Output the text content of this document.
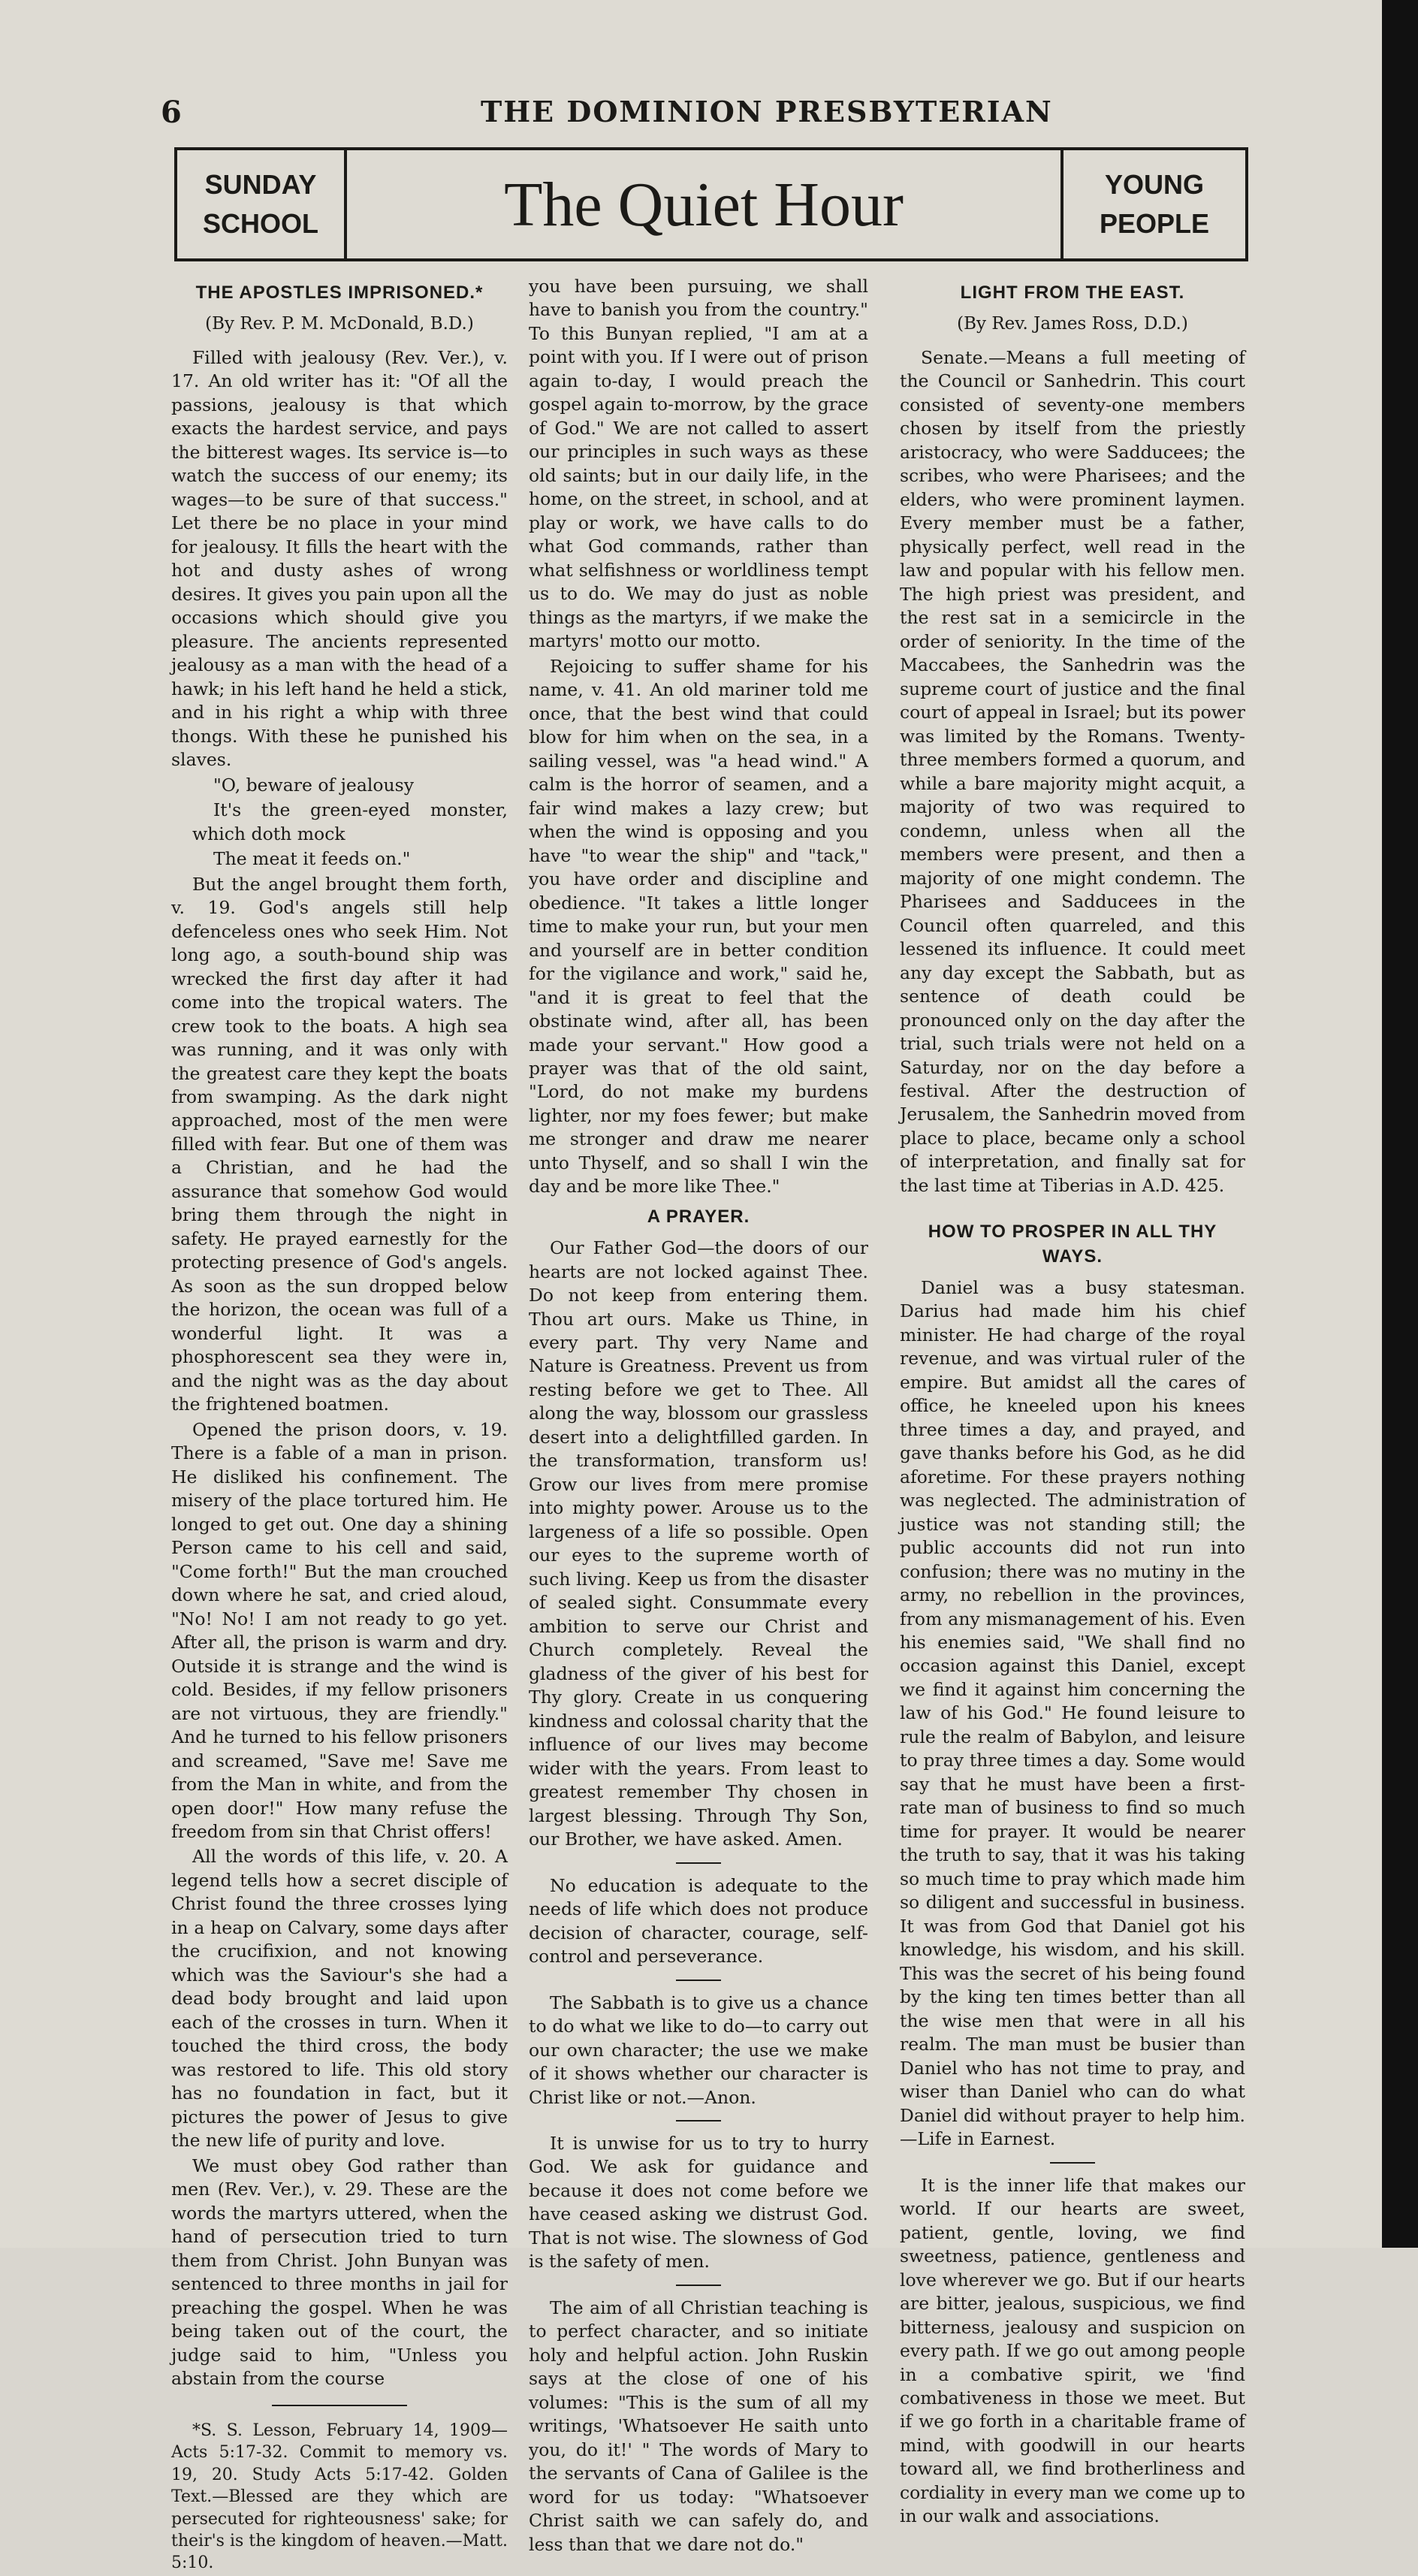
6	THE DOMINION PRESBYTERIAN
SUNDAY
SCHOOL	The Quiet Hour	YOUNG
PEOPLE
THE APOSTLES IMPRISONED.*
(By Rev. P. M. McDonald, B.D.)

Filled with jealousy (Rev. Ver.), v. 17. An old writer has it: "Of all the passions, jealousy is that which exacts the hardest service, and pays the bitterest wages. Its service is—to watch the success of our enemy; its wages—to be sure of that success." Let there be no place in your mind for jealousy. It fills the heart with the hot and dusty ashes of wrong desires. It gives you pain upon all the occasions which should give you pleasure. The ancients represented jealousy as a man with the head of a hawk; in his left hand he held a stick, and in his right a whip with three thongs. With these he punished his slaves.

"O, beware of jealousy

It's the green-eyed monster, which doth mock

The meat it feeds on."

But the angel brought them forth, v. 19. God's angels still help defenceless ones who seek Him. Not long ago, a south-bound ship was wrecked the first day after it had come into the tropical waters. The crew took to the boats. A high sea was running, and it was only with the greatest care they kept the boats from swamping. As the dark night approached, most of the men were filled with fear. But one of them was a Christian, and he had the assurance that somehow God would bring them through the night in safety. He prayed earnestly for the protecting presence of God's angels. As soon as the sun dropped below the horizon, the ocean was full of a wonderful light. It was a phosphorescent sea they were in, and the night was as the day about the frightened boatmen.

Opened the prison doors, v. 19. There is a fable of a man in prison. He disliked his confinement. The misery of the place tortured him. He longed to get out. One day a shining Person came to his cell and said, "Come forth!" But the man crouched down where he sat, and cried aloud, "No! No! I am not ready to go yet. After all, the prison is warm and dry. Outside it is strange and the wind is cold. Besides, if my fellow prisoners are not virtuous, they are friendly." And he turned to his fellow prisoners and screamed, "Save me! Save me from the Man in white, and from the open door!" How many refuse the freedom from sin that Christ offers!

All the words of this life, v. 20. A legend tells how a secret disciple of Christ found the three crosses lying in a heap on Calvary, some days after the crucifixion, and not knowing which was the Saviour's she had a dead body brought and laid upon each of the crosses in turn. When it touched the third cross, the body was restored to life. This old story has no foundation in fact, but it pictures the power of Jesus to give the new life of purity and love.

We must obey God rather than men (Rev. Ver.), v. 29. These are the words the martyrs uttered, when the hand of persecution tried to turn them from Christ. John Bunyan was sentenced to three months in jail for preaching the gospel. When he was being taken out of the court, the judge said to him, "Unless you abstain from the course

*S. S. Lesson, February 14, 1909—Acts 5:17-32. Commit to memory vs. 19, 20. Study Acts 5:17-42. Golden Text.—Blessed are they which are persecuted for righteousness' sake; for their's is the kingdom of heaven.—Matt. 5:10.

you have been pursuing, we shall have to banish you from the country." To this Bunyan replied, "I am at a point with you. If I were out of prison again to-day, I would preach the gospel again to-morrow, by the grace of God." We are not called to assert our principles in such ways as these old saints; but in our daily life, in the home, on the street, in school, and at play or work, we have calls to do what God commands, rather than what selfishness or worldliness tempt us to do. We may do just as noble things as the martyrs, if we make the martyrs' motto our motto.

Rejoicing to suffer shame for his name, v. 41. An old mariner told me once, that the best wind that could blow for him when on the sea, in a sailing vessel, was "a head wind." A calm is the horror of seamen, and a fair wind makes a lazy crew; but when the wind is opposing and you have "to wear the ship" and "tack," you have order and discipline and obedience. "It takes a little longer time to make your run, but your men and yourself are in better condition for the vigilance and work," said he, "and it is great to feel that the obstinate wind, after all, has been made your servant." How good a prayer was that of the old saint, "Lord, do not make my burdens lighter, nor my foes fewer; but make me stronger and draw me nearer unto Thyself, and so shall I win the day and be more like Thee."

A PRAYER.

Our Father God—the doors of our hearts are not locked against Thee. Do not keep from entering them. Thou art ours. Make us Thine, in every part. Thy very Name and Nature is Greatness. Prevent us from resting before we get to Thee. All along the way, blossom our grassless desert into a delightfilled garden. In the transformation, transform us! Grow our lives from mere promise into mighty power. Arouse us to the largeness of a life so possible. Open our eyes to the supreme worth of such living. Keep us from the disaster of sealed sight. Consummate every ambition to serve our Christ and Church completely. Reveal the gladness of the giver of his best for Thy glory. Create in us conquering kindness and colossal charity that the influence of our lives may become wider with the years. From least to greatest remember Thy chosen in largest blessing. Through Thy Son, our Brother, we have asked. Amen.

No education is adequate to the needs of life which does not produce decision of character, courage, self-control and perseverance.

The Sabbath is to give us a chance to do what we like to do—to carry out our own character; the use we make of it shows whether our character is Christ like or not.—Anon.

It is unwise for us to try to hurry God. We ask for guidance and because it does not come before we have ceased asking we distrust God. That is not wise. The slowness of God is the safety of men.

The aim of all Christian teaching is to perfect character, and so initiate holy and helpful action. John Ruskin says at the close of one of his volumes: "This is the sum of all my writings, 'Whatsoever He saith unto you, do it!' " The words of Mary to the servants of Cana of Galilee is the word for us today: "Whatsoever Christ saith we can safely do, and less than that we dare not do."

LIGHT FROM THE EAST.
(By Rev. James Ross, D.D.)

Senate.—Means a full meeting of the Council or Sanhedrin. This court consisted of seventy-one members chosen by itself from the priestly aristocracy, who were Sadducees; the scribes, who were Pharisees; and the elders, who were prominent laymen. Every member must be a father, physically perfect, well read in the law and popular with his fellow men. The high priest was president, and the rest sat in a semicircle in the order of seniority. In the time of the Maccabees, the Sanhedrin was the supreme court of justice and the final court of appeal in Israel; but its power was limited by the Romans. Twenty-three members formed a quorum, and while a bare majority might acquit, a majority of two was required to condemn, unless when all the members were present, and then a majority of one might condemn. The Pharisees and Sadducees in the Council often quarreled, and this lessened its influence. It could meet any day except the Sabbath, but as sentence of death could be pronounced only on the day after the trial, such trials were not held on a Saturday, nor on the day before a festival. After the destruction of Jerusalem, the Sanhedrin moved from place to place, became only a school of interpretation, and finally sat for the last time at Tiberias in A.D. 425.

HOW TO PROSPER IN ALL THY WAYS.

Daniel was a busy statesman. Darius had made him his chief minister. He had charge of the royal revenue, and was virtual ruler of the empire. But amidst all the cares of office, he kneeled upon his knees three times a day, and prayed, and gave thanks before his God, as he did aforetime. For these prayers nothing was neglected. The administration of justice was not standing still; the public accounts did not run into confusion; there was no mutiny in the army, no rebellion in the provinces, from any mismanagement of his. Even his enemies said, "We shall find no occasion against this Daniel, except we find it against him concerning the law of his God." He found leisure to rule the realm of Babylon, and leisure to pray three times a day. Some would say that he must have been a first-rate man of business to find so much time for prayer. It would be nearer the truth to say, that it was his taking so much time to pray which made him so diligent and successful in business. It was from God that Daniel got his knowledge, his wisdom, and his skill. This was the secret of his being found by the king ten times better than all the wise men that were in all his realm. The man must be busier than Daniel who has not time to pray, and wiser than Daniel who can do what Daniel did without prayer to help him.—Life in Earnest.

It is the inner life that makes our world. If our hearts are sweet, patient, gentle, loving, we find sweetness, patience, gentleness and love wherever we go. But if our hearts are bitter, jealous, suspicious, we find bitterness, jealousy and suspicion on every path. If we go out among people in a combative spirit, we 'find combativeness in those we meet. But if we go forth in a charitable frame of mind, with goodwill in our hearts toward all, we find brotherliness and cordiality in every man we come up to in our walk and associations.
